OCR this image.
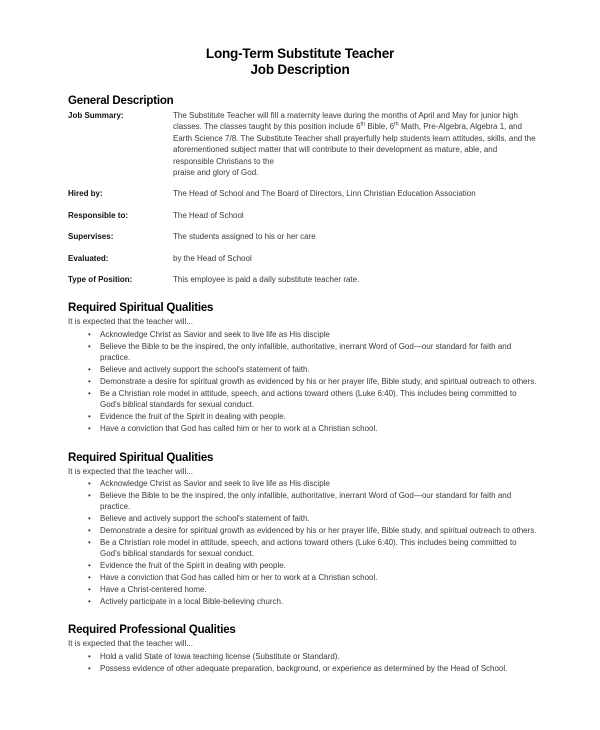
Long-Term Substitute Teacher
Job Description
General Description
Job Summary:	The Substitute Teacher will fill a maternity leave during the months of April and May for junior high classes. The classes taught by this position include 6th Bible, 6th Math, Pre-Algebra, Algebra 1, and Earth Science 7/8. The Substitute Teacher shall prayerfully help students learn attitudes, skills, and the aforementioned subject matter that will contribute to their development as mature, able, and responsible Christians to the

praise and glory of God.

Hired by:	The Head of School and The Board of Directors, Linn Christian Education Association
Responsible to:	The Head of School
Supervises:	The students assigned to his or her care
Evaluated:	by the Head of School
Type of Position:	This employee is paid a daily substitute teacher rate.
Required Spiritual Qualities

It is expected that the teacher will...

• Acknowledge Christ as Savior and seek to live life as His disciple
• Believe the Bible to be the inspired, the only infallible, authoritative, inerrant Word of God—our standard for faith and practice.
• Believe and actively support the school's statement of faith.
• Demonstrate a desire for spiritual growth as evidenced by his or her prayer life, Bible study, and spiritual outreach to others.
• Be a Christian role model in attitude, speech, and actions toward others (Luke 6:40). This includes being committed to God's biblical standards for sexual conduct.
• Evidence the fruit of the Spirit in dealing with people.
• Have a conviction that God has called him or her to work at a Christian school.
Required Spiritual Qualities

It is expected that the teacher will...

• Acknowledge Christ as Savior and seek to live life as His disciple
• Believe the Bible to be the inspired, the only infallible, authoritative, inerrant Word of God—our standard for faith and practice.
• Believe and actively support the school's statement of faith.
• Demonstrate a desire for spiritual growth as evidenced by his or her prayer life, Bible study, and spiritual outreach to others.
• Be a Christian role model in attitude, speech, and actions toward others (Luke 6:40). This includes being committed to God's biblical standards for sexual conduct.
• Evidence the fruit of the Spirit in dealing with people.
• Have a conviction that God has called him or her to work at a Christian school.
• Have a Christ-centered home.
• Actively participate in a local Bible-believing church.
Required Professional Qualities

It is expected that the teacher will...

• Hold a valid State of Iowa teaching license (Substitute or Standard).
• Possess evidence of other adequate preparation, background, or experience as determined by the Head of School.
